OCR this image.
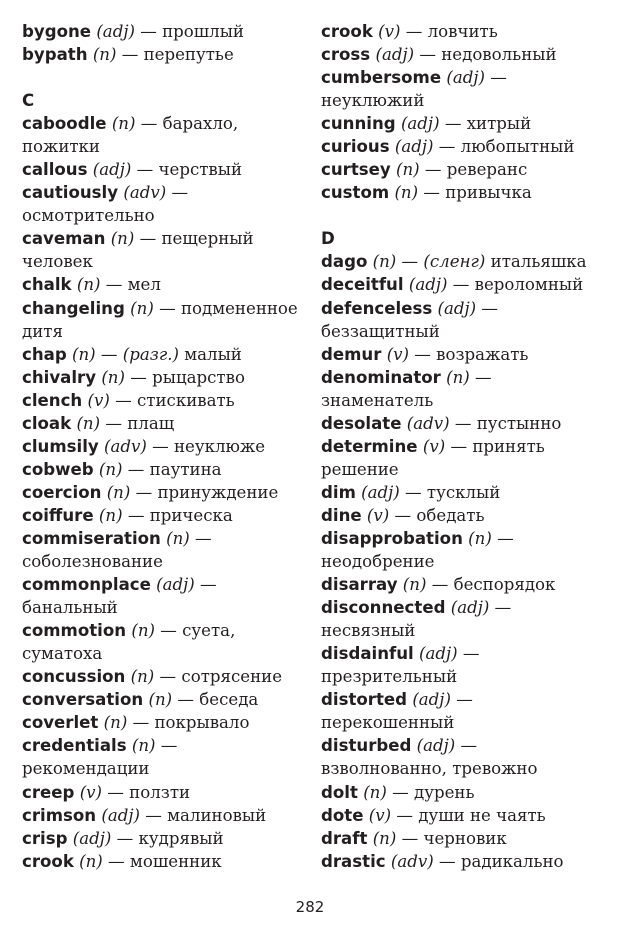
bygone (adj) — прошлый
bypath (n) — перепутье
C
caboodle (n) — барахло, пожитки
callous (adj) — черствый
cautiously (adv) — осмотрительно
caveman (n) — пещерный человек
chalk (n) — мел
changeling (n) — подмененное дитя
chap (n) — (разг.) малый
chivalry (n) — рыцарство
clench (v) — стискивать
cloak (n) — плащ
clumsily (adv) — неуклюже
cobweb (n) — паутина
coercion (n) — принуждение
coiffure (n) — прическа
commiseration (n) — соболезнование
commonplace (adj) — банальный
commotion (n) — суета, суматоха
concussion (n) — сотрясение
conversation (n) — беседа
coverlet (n) — покрывало
credentials (n) — рекомендации
creep (v) — ползти
crimson (adj) — малиновый
crisp (adj) — кудрявый
crook (n) — мошенник
crook (v) — ловчить
cross (adj) — недовольный
cumbersome (adj) — неуклюжий
cunning (adj) — хитрый
curious (adj) — любопытный
curtsey (n) — реверанс
custom (n) — привычка
D
dago (n) — (сленг) итальяшка
deceitful (adj) — вероломный
defenceless (adj) — беззащитный
demur (v) — возражать
denominator (n) — знаменатель
desolate (adv) — пустынно
determine (v) — принять решение
dim (adj) — тусклый
dine (v) — обедать
disapprobation (n) — неодобрение
disarray (n) — беспорядок
disconnected (adj) — несвязный
disdainful (adj) — презрительный
distorted (adj) — перекошенный
disturbed (adj) — взволнованно, тревожно
dolt (n) — дурень
dote (v) — души не чаять
draft (n) — черновик
drastic (adv) — радикально
282
